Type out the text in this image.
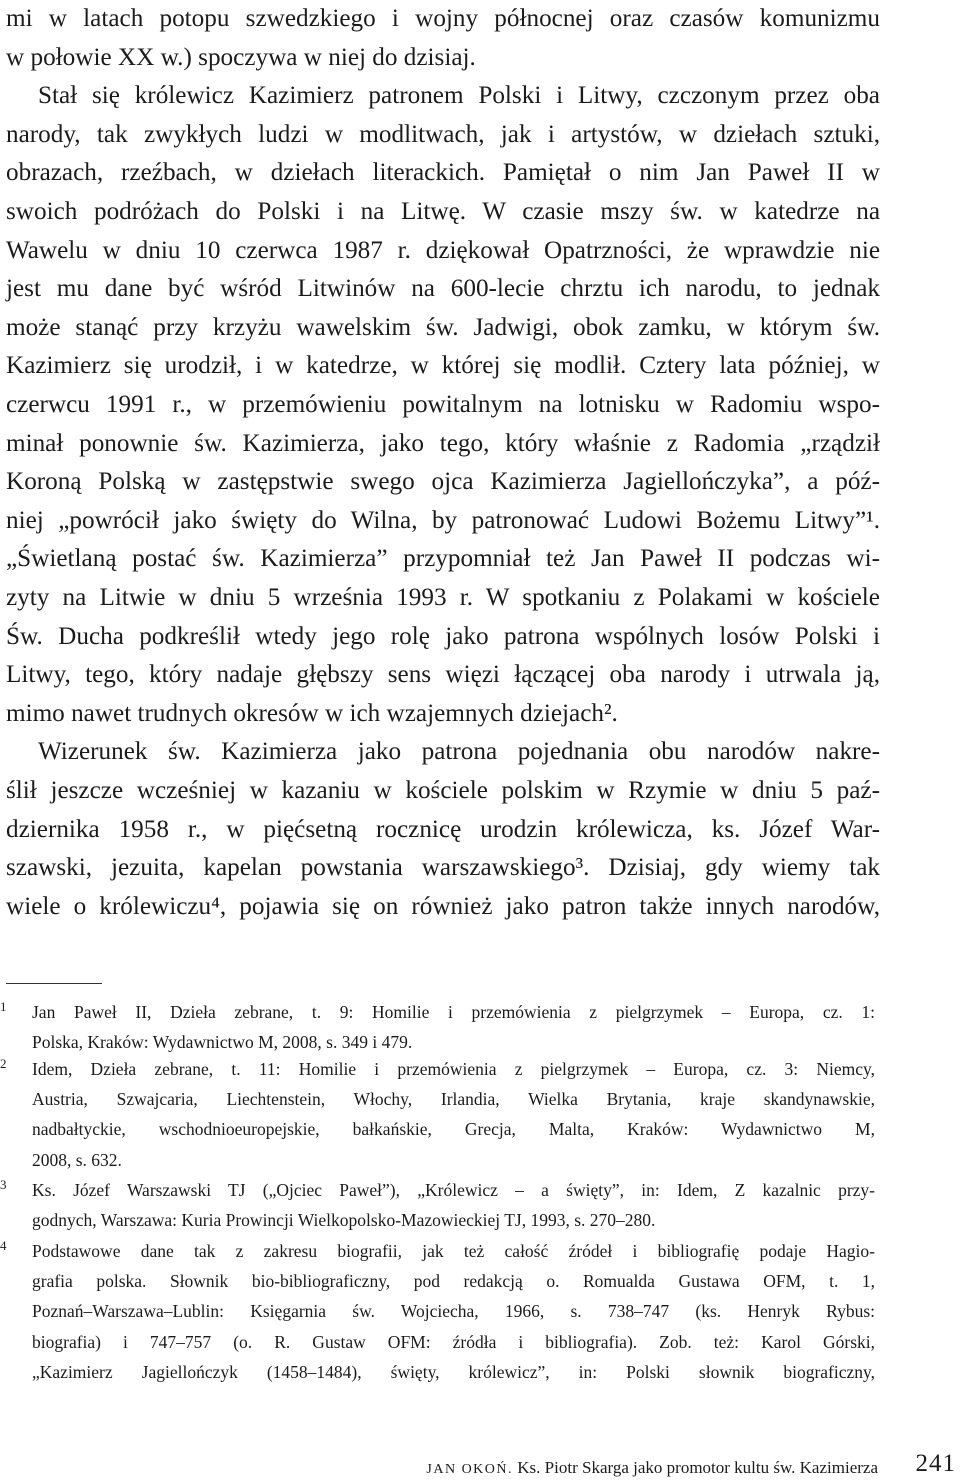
mi w latach potopu szwedzkiego i wojny północnej oraz czasów komunizmu
w połowie XX w.) spoczywa w niej do dzisiaj.
Stał się królewicz Kazimierz patronem Polski i Litwy, czczonym przez oba
narody, tak zwykłych ludzi w modlitwach, jak i artystów, w dziełach sztuki,
obrazach, rzeźbach, w dziełach literackich. Pamiętał o nim Jan Paweł II w
swoich podróżach do Polski i na Litwę. W czasie mszy św. w katedrze na
Wawelu w dniu 10 czerwca 1987 r. dziękował Opatrzności, że wprawdzie nie
jest mu dane być wśród Litwinów na 600-lecie chrztu ich narodu, to jednak
może stanąć przy krzyżu wawelskim św. Jadwigi, obok zamku, w którym św.
Kazimierz się urodził, i w katedrze, w której się modlił. Cztery lata później, w
czerwcu 1991 r., w przemówieniu powitalnym na lotnisku w Radomiu wspo-
minał ponownie św. Kazimierza, jako tego, który właśnie z Radomia „rządził
Koroną Polską w zastępstwie swego ojca Kazimierza Jagiellończyka”, a póź-
niej „powrócił jako święty do Wilna, by patronować Ludowi Bożemu Litwy”¹.
„Świetlaną postać św. Kazimierza” przypomniał też Jan Paweł II podczas wi-
zyty na Litwie w dniu 5 września 1993 r. W spotkaniu z Polakami w kościele
Św. Ducha podkreślił wtedy jego rolę jako patrona wspólnych losów Polski i
Litwy, tego, który nadaje głębszy sens więzi łączącej oba narody i utrwala ją,
mimo nawet trudnych okresów w ich wzajemnych dziejach².
Wizerunek św. Kazimierza jako patrona pojednania obu narodów nakre-
ślił jeszcze wcześniej w kazaniu w kościele polskim w Rzymie w dniu 5 paź-
dziernika 1958 r., w pięćsetną rocznicę urodzin królewicza, ks. Józef War-
szawski, jezuita, kapelan powstania warszawskiego³. Dzisiaj, gdy wiemy tak
wiele o królewiczu⁴, pojawia się on również jako patron także innych narodów,
1 Jan Paweł II, Dzieła zebrane, t. 9: Homilie i przemówienia z pielgrzymek – Europa, cz. 1:
Polska, Kraków: Wydawnictwo M, 2008, s. 349 i 479.
2 Idem, Dzieła zebrane, t. 11: Homilie i przemówienia z pielgrzymek – Europa, cz. 3: Niemcy,
Austria, Szwajcaria, Liechtenstein, Włochy, Irlandia, Wielka Brytania, kraje skandynawskie,
nadbałtyckie, wschodnioeuropejskie, bałkańskie, Grecja, Malta, Kraków: Wydawnictwo M,
2008, s. 632.
3 Ks. Józef Warszawski TJ („Ojciec Paweł”), „Królewicz – a święty”, in: Idem, Z kazalnic przy-
godnych, Warszawa: Kuria Prowincji Wielkopolsko-Mazowieckiej TJ, 1993, s. 270–280.
4 Podstawowe dane tak z zakresu biografii, jak też całość źródeł i bibliografię podaje Hagio-
grafia polska. Słownik bio-bibliograficzny, pod redakcją o. Romualda Gustawa OFM, t. 1,
Poznań–Warszawa–Lublin: Księgarnia św. Wojciecha, 1966, s. 738–747 (ks. Henryk Rybus:
biografia) i 747–757 (o. R. Gustaw OFM: źródła i bibliografia). Zob. też: Karol Górski,
„Kazimierz Jagiellończyk (1458–1484), święty, królewicz”, in: Polski słownik biograficzny,
JAN OKOŃ. Ks. Piotr Skarga jako promotor kultu św. Kazimierza 241
